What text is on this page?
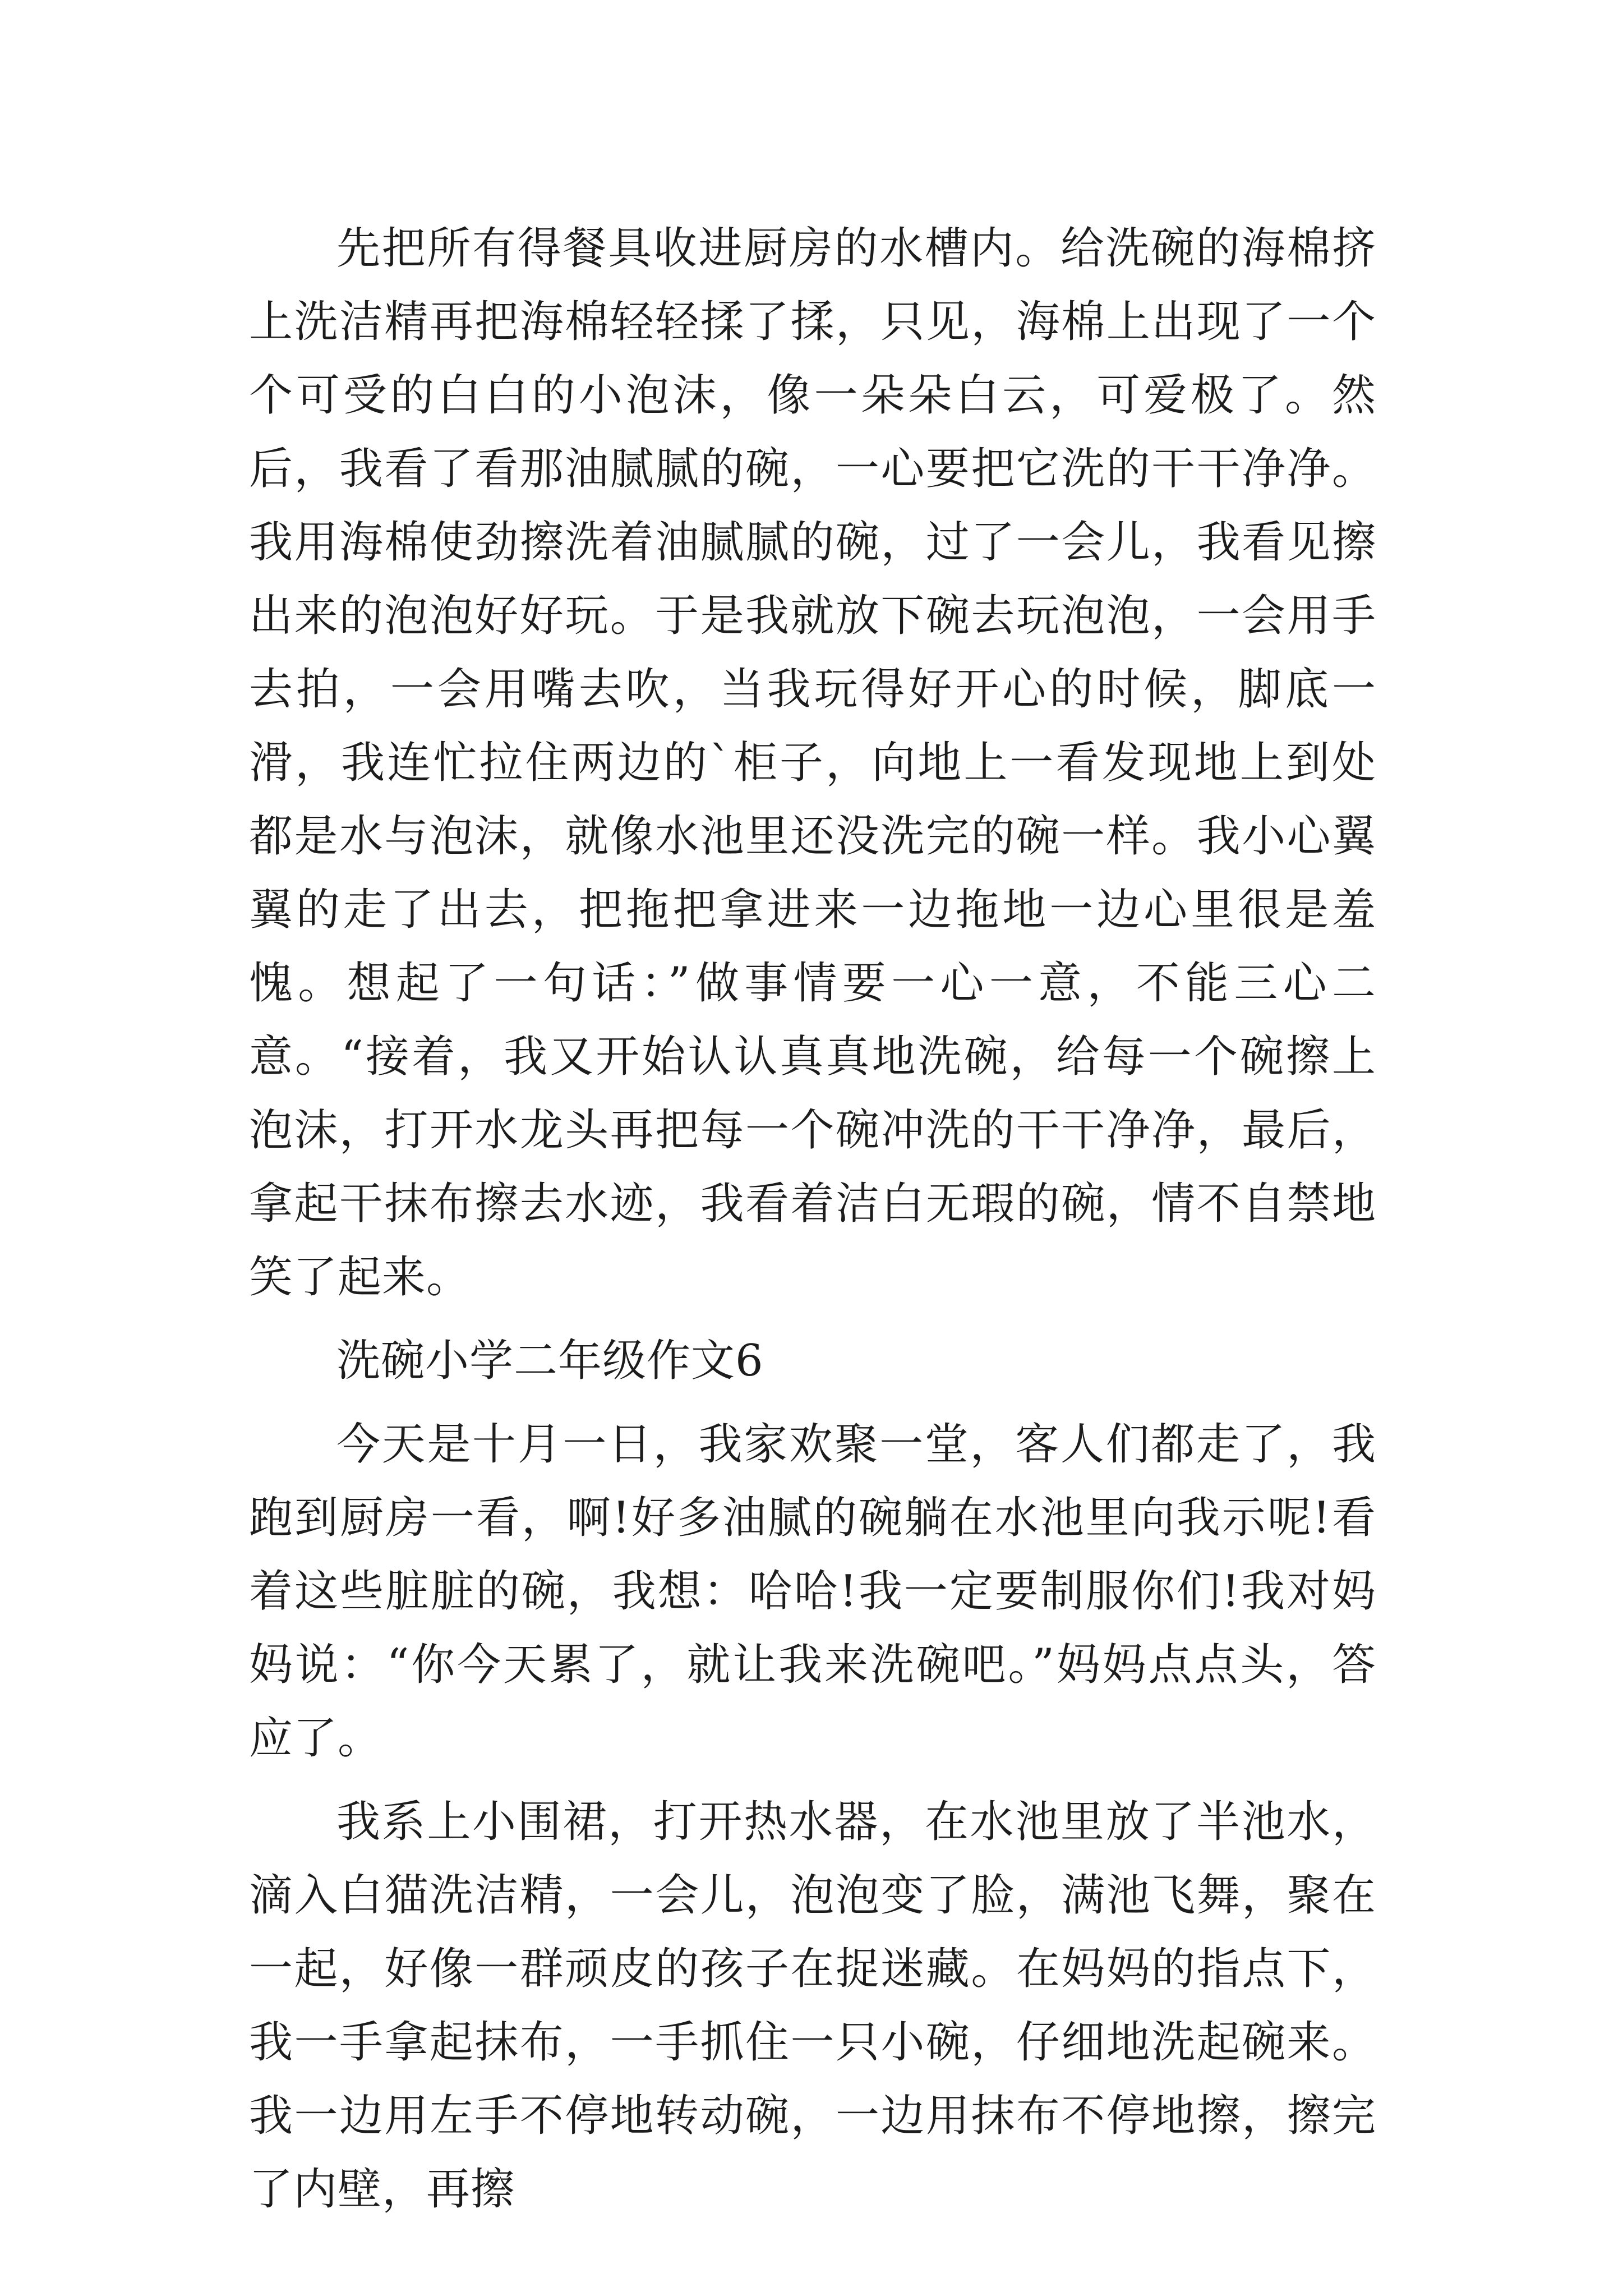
先把所有得餐具收进厨房的水槽内。给洗碗的海棉挤上洗洁精再把海棉轻轻揉了揉，只见，海棉上出现了一个个可受的白白的小泡沫，像一朵朵白云，可爱极了。然后，我看了看那油腻腻的碗，一心要把它洗的干干净净。我用海棉使劲擦洗着油腻腻的碗，过了一会儿，我看见擦出来的泡泡好好玩。于是我就放下碗去玩泡泡，一会用手去拍，一会用嘴去吹，当我玩得好开心的时候，脚底一滑，我连忙拉住两边的`柜子，向地上一看发现地上到处都是水与泡沫，就像水池里还没洗完的碗一样。我小心翼翼的走了出去，把拖把拿进来一边拖地一边心里很是羞愧。想起了一句话：”做事情要一心一意，不能三心二意。“接着，我又开始认认真真地洗碗，给每一个碗擦上泡沫，打开水龙头再把每一个碗冲洗的干干净净，最后，拿起干抹布擦去水迹，我看着洁白无瑕的碗，情不自禁地笑了起来。

洗碗小学二年级作文6

今天是十月一日，我家欢聚一堂，客人们都走了，我跑到厨房一看，啊!好多油腻的碗躺在水池里向我示呢!看着这些脏脏的碗，我想：哈哈!我一定要制服你们!我对妈妈说：“你今天累了，就让我来洗碗吧。”妈妈点点头，答应了。

我系上小围裙，打开热水器，在水池里放了半池水，滴入白猫洗洁精，一会儿，泡泡变了脸，满池飞舞，聚在一起，好像一群顽皮的孩子在捉迷藏。在妈妈的指点下，我一手拿起抹布，一手抓住一只小碗，仔细地洗起碗来。我一边用左手不停地转动碗，一边用抹布不停地擦，擦完了内壁，再擦
